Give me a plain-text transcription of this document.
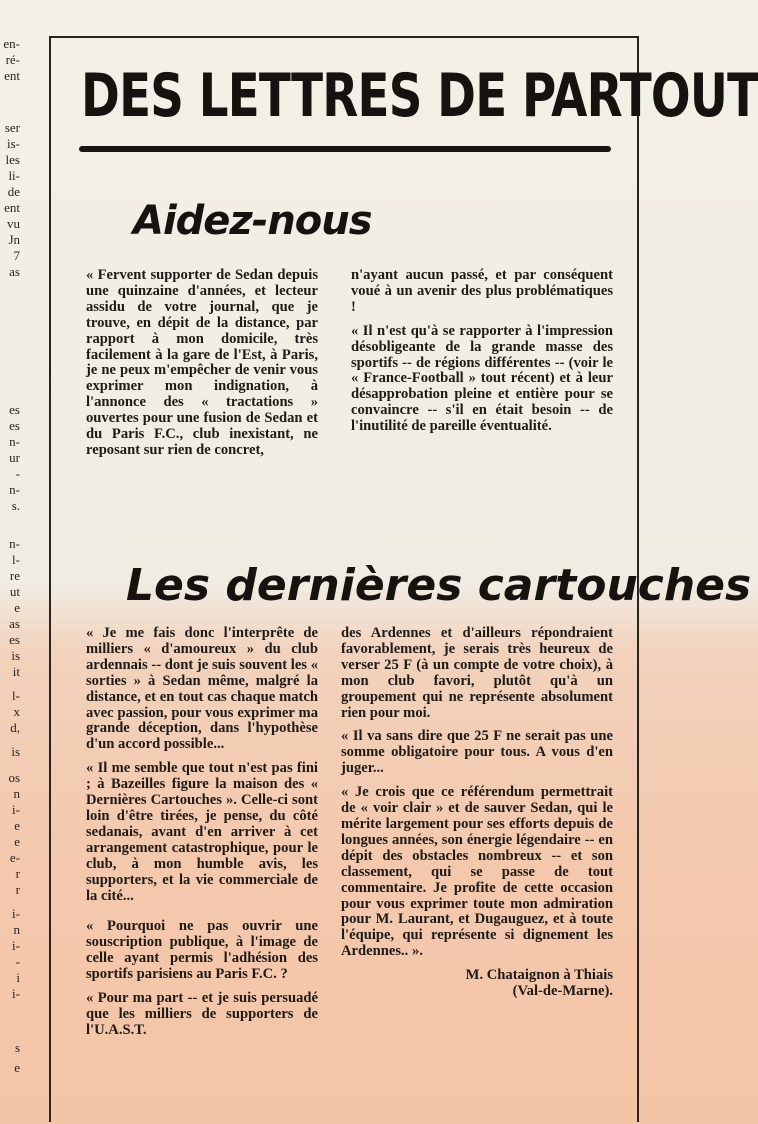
en-
ré-
ent
ser
is-
les
li-
de
ent
vu
Jn
7
as
es
es
n-
ur
-
n-
s.
n-
l-
re
ut
e
as
es
is
it
l-
x
d,
is
os
n
i-
e
e
e-
r
r
i-
n
i-
-
i
i-
s
e
DES LETTRES DE PARTOUT
Aidez-nous

« Fervent supporter de Sedan depuis une quinzaine d'années, et lecteur assidu de votre journal, que je trouve, en dépit de la distance, par rapport à mon domicile, très facilement à la gare de l'Est, à Paris, je ne peux m'empêcher de venir vous exprimer mon indignation, à l'annonce des « tractations » ouvertes pour une fusion de Sedan et du Paris F.C., club inexistant, ne reposant sur rien de concret,

n'ayant aucun passé, et par conséquent voué à un avenir des plus problématiques !

« Il n'est qu'à se rapporter à l'impression désobligeante de la grande masse des sportifs -- de régions différentes -- (voir le « France-Football » tout récent) et à leur désapprobation pleine et entière pour se convaincre -- s'il en était besoin -- de l'inutilité de pareille éventualité.

Les dernières cartouches

« Je me fais donc l'interprête de milliers « d'amoureux » du club ardennais -- dont je suis souvent les « sorties » à Sedan même, malgré la distance, et en tout cas chaque match avec passion, pour vous exprimer ma grande déception, dans l'hypothèse d'un accord possible...

« Il me semble que tout n'est pas fini ; à Bazeilles figure la maison des « Dernières Cartouches ». Celle-ci sont loin d'être tirées, je pense, du côté sedanais, avant d'en arriver à cet arrangement catastrophique, pour le club, à mon humble avis, les supporters, et la vie commerciale de la cité...

« Pourquoi ne pas ouvrir une souscription publique, à l'image de celle ayant permis l'adhésion des sportifs parisiens au Paris F.C. ?

« Pour ma part -- et je suis persuadé que les milliers de supporters de l'U.A.S.T.

des Ardennes et d'ailleurs répondraient favorablement, je serais très heureux de verser 25 F (à un compte de votre choix), à mon club favori, plutôt qu'à un groupement qui ne représente absolument rien pour moi.

« Il va sans dire que 25 F ne serait pas une somme obligatoire pour tous. A vous d'en juger...

« Je crois que ce référendum permettrait de « voir clair » et de sauver Sedan, qui le mérite largement pour ses efforts depuis de longues années, son énergie légendaire -- en dépit des obstacles nombreux -- et son classement, qui se passe de tout commentaire. Je profite de cette occasion pour vous exprimer toute mon admiration pour M. Laurant, et Dugauguez, et à toute l'équipe, qui représente si dignement les Ardennes.. ».

M. Chataignon à Thiais

(Val-de-Marne).
